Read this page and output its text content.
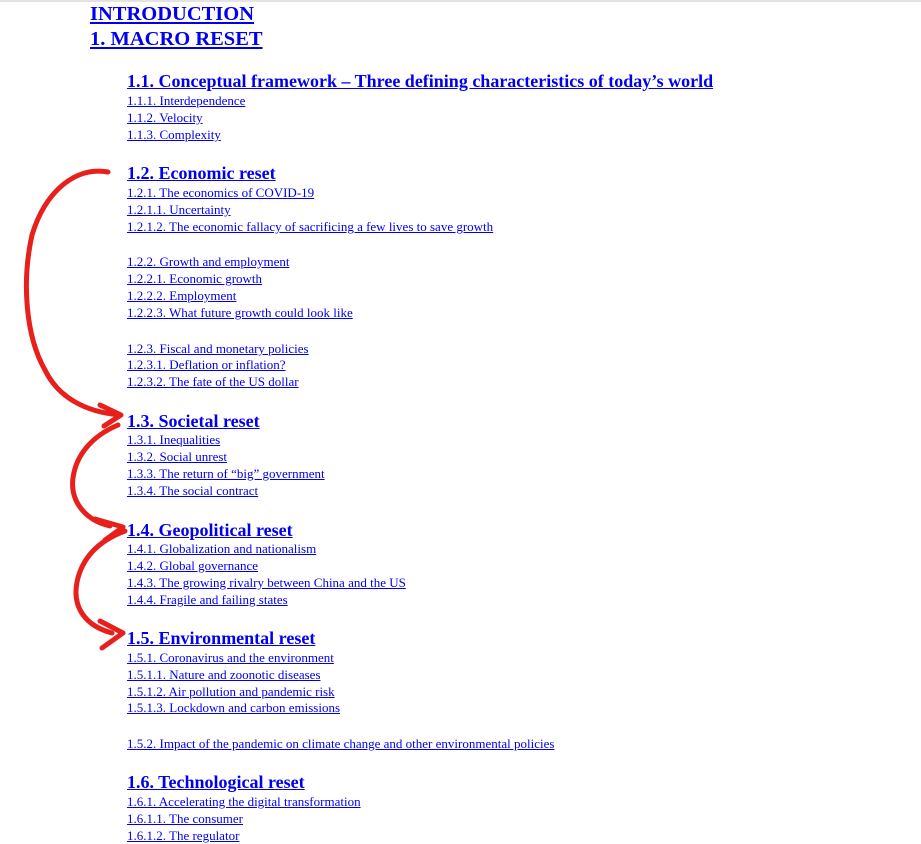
INTRODUCTION
1. MACRO RESET
1.1. Conceptual framework – Three defining characteristics of today’s world
1.1.1. Interdependence
1.1.2. Velocity
1.1.3. Complexity
1.2. Economic reset
1.2.1. The economics of COVID-19
1.2.1.1. Uncertainty
1.2.1.2. The economic fallacy of sacrificing a few lives to save growth
1.2.2. Growth and employment
1.2.2.1. Economic growth
1.2.2.2. Employment
1.2.2.3. What future growth could look like
1.2.3. Fiscal and monetary policies
1.2.3.1. Deflation or inflation?
1.2.3.2. The fate of the US dollar
1.3. Societal reset
1.3.1. Inequalities
1.3.2. Social unrest
1.3.3. The return of “big” government
1.3.4. The social contract
1.4. Geopolitical reset
1.4.1. Globalization and nationalism
1.4.2. Global governance
1.4.3. The growing rivalry between China and the US
1.4.4. Fragile and failing states
1.5. Environmental reset
1.5.1. Coronavirus and the environment
1.5.1.1. Nature and zoonotic diseases
1.5.1.2. Air pollution and pandemic risk
1.5.1.3. Lockdown and carbon emissions
1.5.2. Impact of the pandemic on climate change and other environmental policies
1.6. Technological reset
1.6.1. Accelerating the digital transformation
1.6.1.1. The consumer
1.6.1.2. The regulator
